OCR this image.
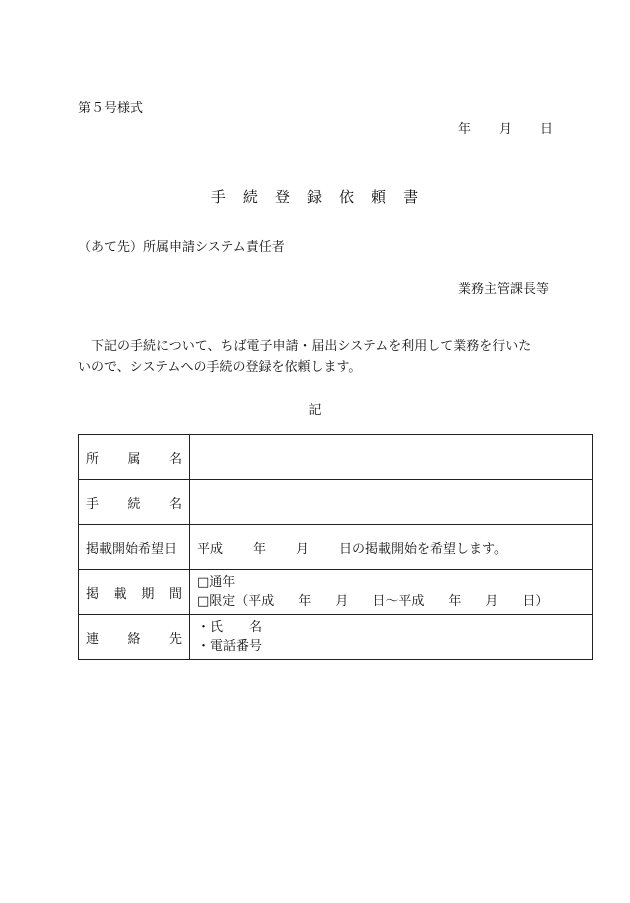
第５号様式
年 月 日
手　 続　 登　 録　 依　 頼　 書
（あて先）所属申請システム責任者
業務主管課長等

　下記の手続について、ちば電子申請・届出システムを利用して業務を行いた

いので、システムへの手続の登録を依頼します。

記
所 属 名	

手 続 名	

掲載開始希望日	平成 年 月 日の掲載開始を希望します。

掲 載 期 間	□通年
□限定（平成 年 月 日～平成 年 月 日）

連 絡 先	・氏　　名
・電話番号
